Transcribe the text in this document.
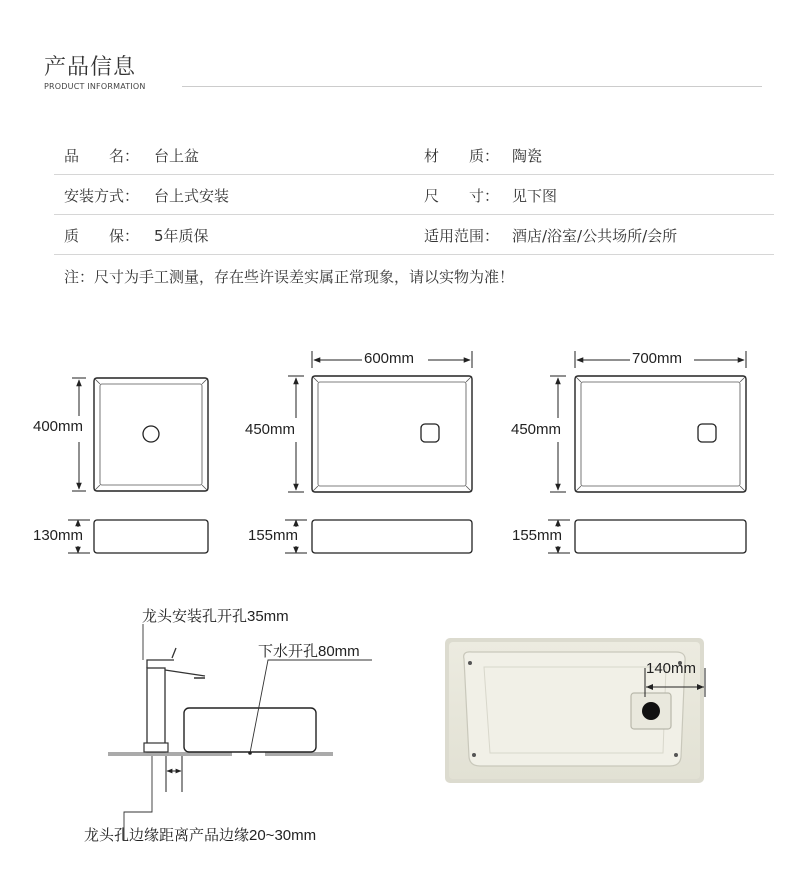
产品信息
PRODUCT INFORMATION
品　　名： 台上盆	材　　质： 陶瓷
安装方式： 台上式安装	尺　　寸： 见下图
质　　保： 5年质保	适用范围： 酒店/浴室/公共场所/会所
注：尺寸为手工测量，存在些许误差实属正常现象，请以实物为准！
400mm
130mm
600mm
450mm
155mm
700mm
450mm
155mm
龙头安装孔开孔35mm
下水开孔80mm
龙头孔边缘距离产品边缘20~30mm
140mm
